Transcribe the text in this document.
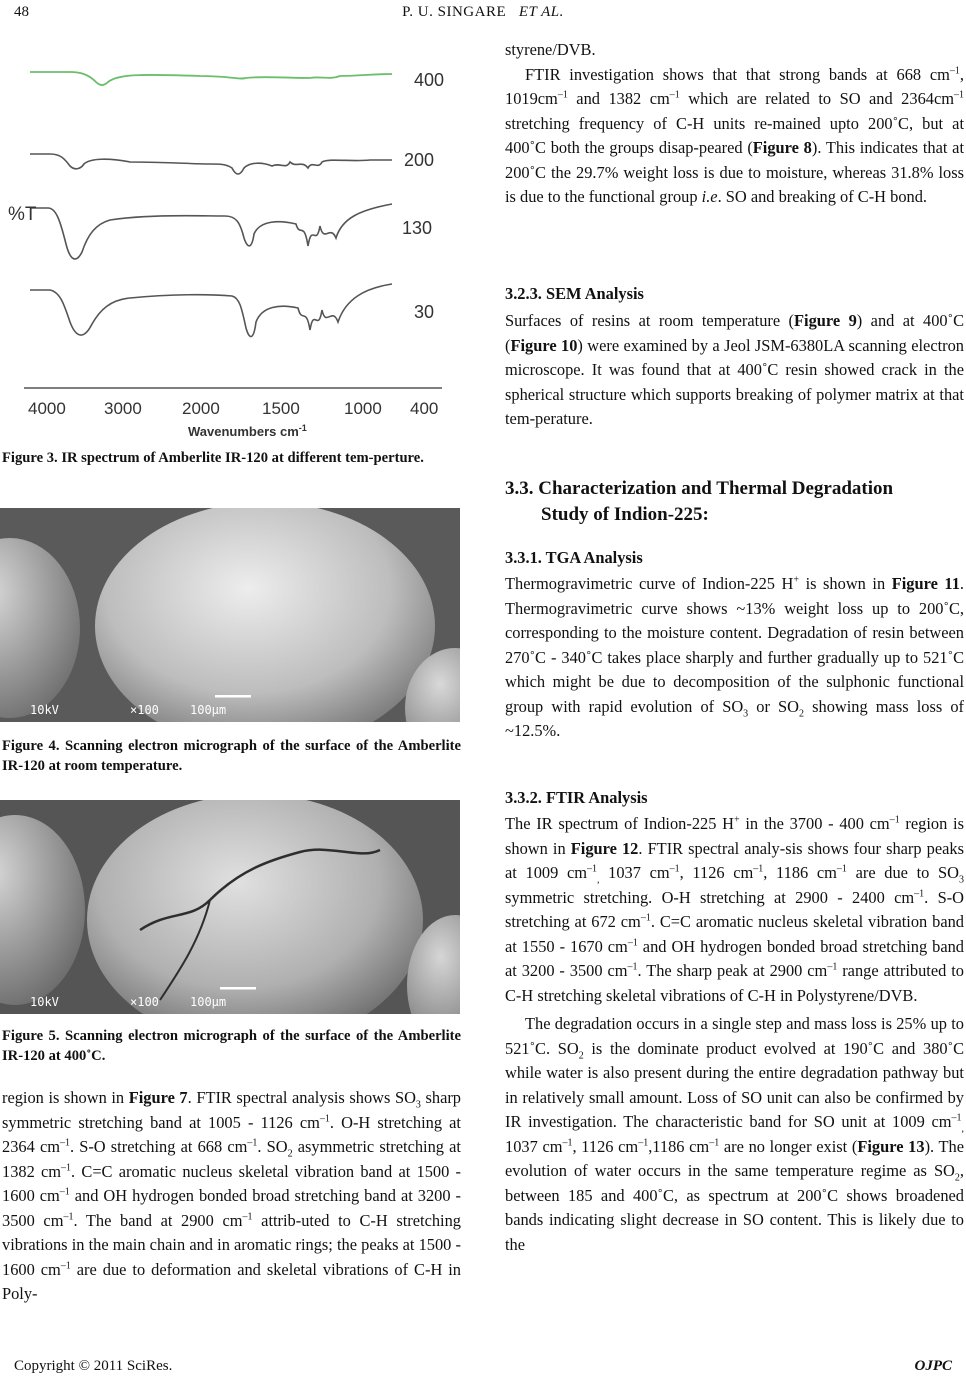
48	P. U. SINGARE ET AL.
%T
400
200
130
30
4000 3000 2000 1500	1000 400
Wavenumbers $cm^{-1}$
Figure 3. IR spectrum of Amberlite IR-120 at different tem-perture.
10kV	×100	100μm
Figure 4. Scanning electron micrograph of the surface of the Amberlite IR-120 at room temperature.
10kV	×100	100μm
Figure 5. Scanning electron micrograph of the surface of the Amberlite IR-120 at 400˚C.

region is shown in Figure 7. FTIR spectral analysis shows $SO_3$ sharp symmetric stretching band at 1005 - 1126 $cm^{-1}$. O-H stretching at 2364 $cm^{-1}$. S-O stretching at 668 $cm^{-1}$. $SO_2$ asymmetric stretching at 1382 $cm^{-1}$. C=C aromatic nucleus skeletal vibration band at 1500 - 1600 $cm^{-1}$ and OH hydrogen bonded broad stretching band at 3200 - 3500 $cm^{-1}$. The band at 2900 $cm^{-1}$ attrib-uted to C-H stretching vibrations in the main chain and in aromatic rings; the peaks at 1500 - 1600 $cm^{-1}$ are due to deformation and skeletal vibrations of C-H in Poly-

styrene/DVB.

FTIR investigation shows that that strong bands at 668 $cm^{-1}$, $1019cm^{-1}$ and 1382 $cm^{-1}$ which are related to SO and $2364cm^{-1}$ stretching frequency of C-H units re-mained upto 200˚C, but at 400˚C both the groups disap-peared (Figure 8). This indicates that at 200˚C the 29.7% weight loss is due to moisture, whereas 31.8% loss is due to the functional group i.e. SO and breaking of C-H bond.

3.2.3. SEM Analysis

Surfaces of resins at room temperature (Figure 9) and at 400˚C (Figure 10) were examined by a Jeol JSM-6380LA scanning electron microscope. It was found that at 400˚C resin showed crack in the spherical structure which supports breaking of polymer matrix at that tem-perature.

3.3. Characterization and Thermal Degradation
Study of Indion-225:
3.3.1. TGA Analysis

Thermogravimetric curve of Indion-225 H+ is shown in Figure 11. Thermogravimetric curve shows ~13% weight loss up to 200˚C, corresponding to the moisture content. Degradation of resin between 270˚C - 340˚C takes place sharply and further gradually up to 521˚C which might be due to decomposition of the sulphonic functional group with rapid evolution of $SO_3$ or $SO_2$ showing mass loss of ~12.5%.

3.3.2. FTIR Analysis

The IR spectrum of Indion-225 H+ in the 3700 - 400 $cm^{-1}$ region is shown in Figure 12. FTIR spectral analy-sis shows four sharp peaks at 1009 $cm^{-1}_,$ 1037 $cm^{-1}$, 1126 $cm^{-1}$, 1186 $cm^{-1}$ are due to $SO_3$ symmetric stretching. O-H stretching at 2900 - 2400 $cm^{-1}$. S-O stretching at 672 $cm^{-1}$. C=C aromatic nucleus skeletal vibration band at 1550 - 1670 $cm^{-1}$ and OH hydrogen bonded broad stretching band at 3200 - 3500 $cm^{-1}$. The sharp peak at 2900 $cm^{-1}$ range attributed to C-H stretching skeletal vibrations of C-H in Polystyrene/DVB.

The degradation occurs in a single step and mass loss is 25% up to 521˚C. $SO_2$ is the dominate product evolved at 190˚C and 380˚C while water is also present during the entire degradation pathway but in relatively small amount. Loss of SO unit can also be confirmed by IR investigation. The characteristic band for SO unit at 1009 $cm^{-1}_,$ 1037 $cm^{-1}$, 1126 $cm^{-1},1186$ $cm^{-1}$ are no longer exist (Figure 13). The evolution of water occurs in the same temperature regime as $SO_2$, between 185 and 400˚C, as spectrum at 200˚C shows broadened bands indicating slight decrease in SO content. This is likely due to the

Copyright © 2011 SciRes.	OJPC
